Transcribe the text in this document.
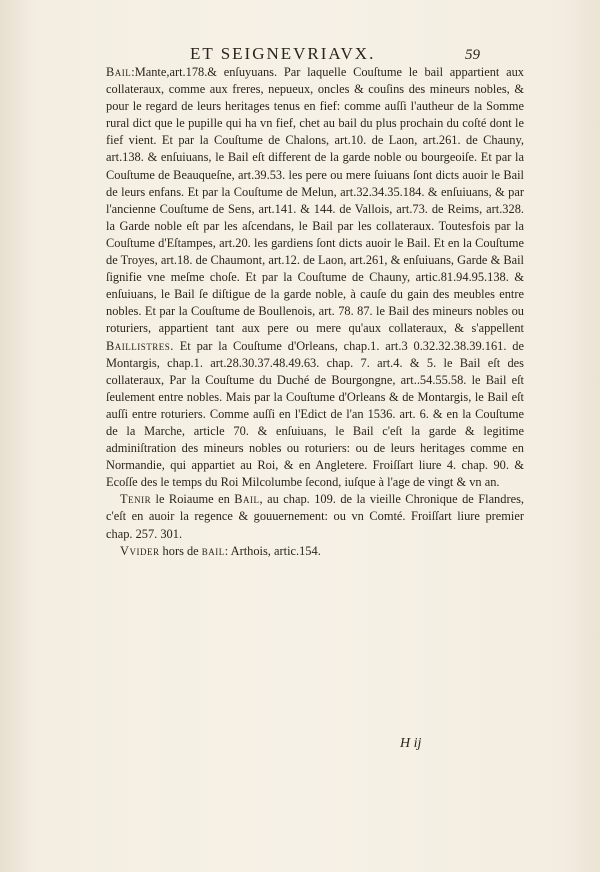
ET SEIGNEVRIAVX.	59

Bail:Mante,art.178.& enſuyuans. Par laquelle Couſtume le bail appartient aux collateraux, comme aux freres, nepueux, oncles & couſins des mineurs nobles, & pour le regard de leurs heritages tenus en fief: comme auſſi l'autheur de la Somme rural dict que le pupille qui ha vn fief, chet au bail du plus prochain du coſté dont le fief vient. Et par la Couſtume de Chalons, art.10. de Laon, art.261. de Chauny, art.138. & enſuiuans, le Bail eſt different de la garde noble ou bourgeoiſe. Et par la Couſtume de Beauqueſne, art.39.53. les pere ou mere ſuiuans ſont dicts auoir le Bail de leurs enfans. Et par la Couſtume de Melun, art.32.34.35.184. & enſuiuans, & par l'ancienne Couſtume de Sens, art.141. & 144. de Vallois, art.73. de Reims, art.328. la Garde noble eſt par les aſcendans, le Bail par les collateraux. Toutesfois par la Couſtume d'Eſtampes, art.20. les gardiens ſont dicts auoir le Bail. Et en la Couſtume de Troyes, art.18. de Chaumont, art.12. de Laon, art.261, & enſuiuans, Garde & Bail ſignifie vne meſme choſe. Et par la Couſtume de Chauny, artic.81.94.95.138. & enſuiuans, le Bail ſe diſtigue de la garde noble, à cauſe du gain des meubles entre nobles. Et par la Couſtume de Boullenois, art. 78. 87. le Bail des mineurs nobles ou roturiers, appartient tant aux pere ou mere qu'aux collateraux, & s'appellent Baillistres. Et par la Couſtume d'Orleans, chap.1. art.3 0.32.32.38.39.161. de Montargis, chap.1. art.28.30.37.48.49.63. chap. 7. art.4. & 5. le Bail eſt des collateraux, Par la Couſtume du Duché de Bourgongne, art..54.55.58. le Bail eſt ſeulement entre nobles. Mais par la Couſtume d'Orleans & de Montargis, le Bail eſt auſſi entre roturiers. Comme auſſi en l'Edict de l'an 1536. art. 6. & en la Couſtume de la Marche, article 70. & enſuiuans, le Bail c'eſt la garde & legitime adminiſtration des mineurs nobles ou roturiers: ou de leurs heritages comme en Normandie, qui appartiet au Roi, & en Angletere. Froiſſart liure 4. chap. 90. & Ecoſſe des le temps du Roi Milcolumbe ſecond, iuſque à l'age de vingt & vn an.

Tenir le Roiaume en Bail, au chap. 109. de la vieille Chronique de Flandres, c'eſt en auoir la regence & gouuernement: ou vn Comté. Froiſſart liure premier chap. 257. 301.

Vvider hors de bail: Arthois, artic.154.

H ij
